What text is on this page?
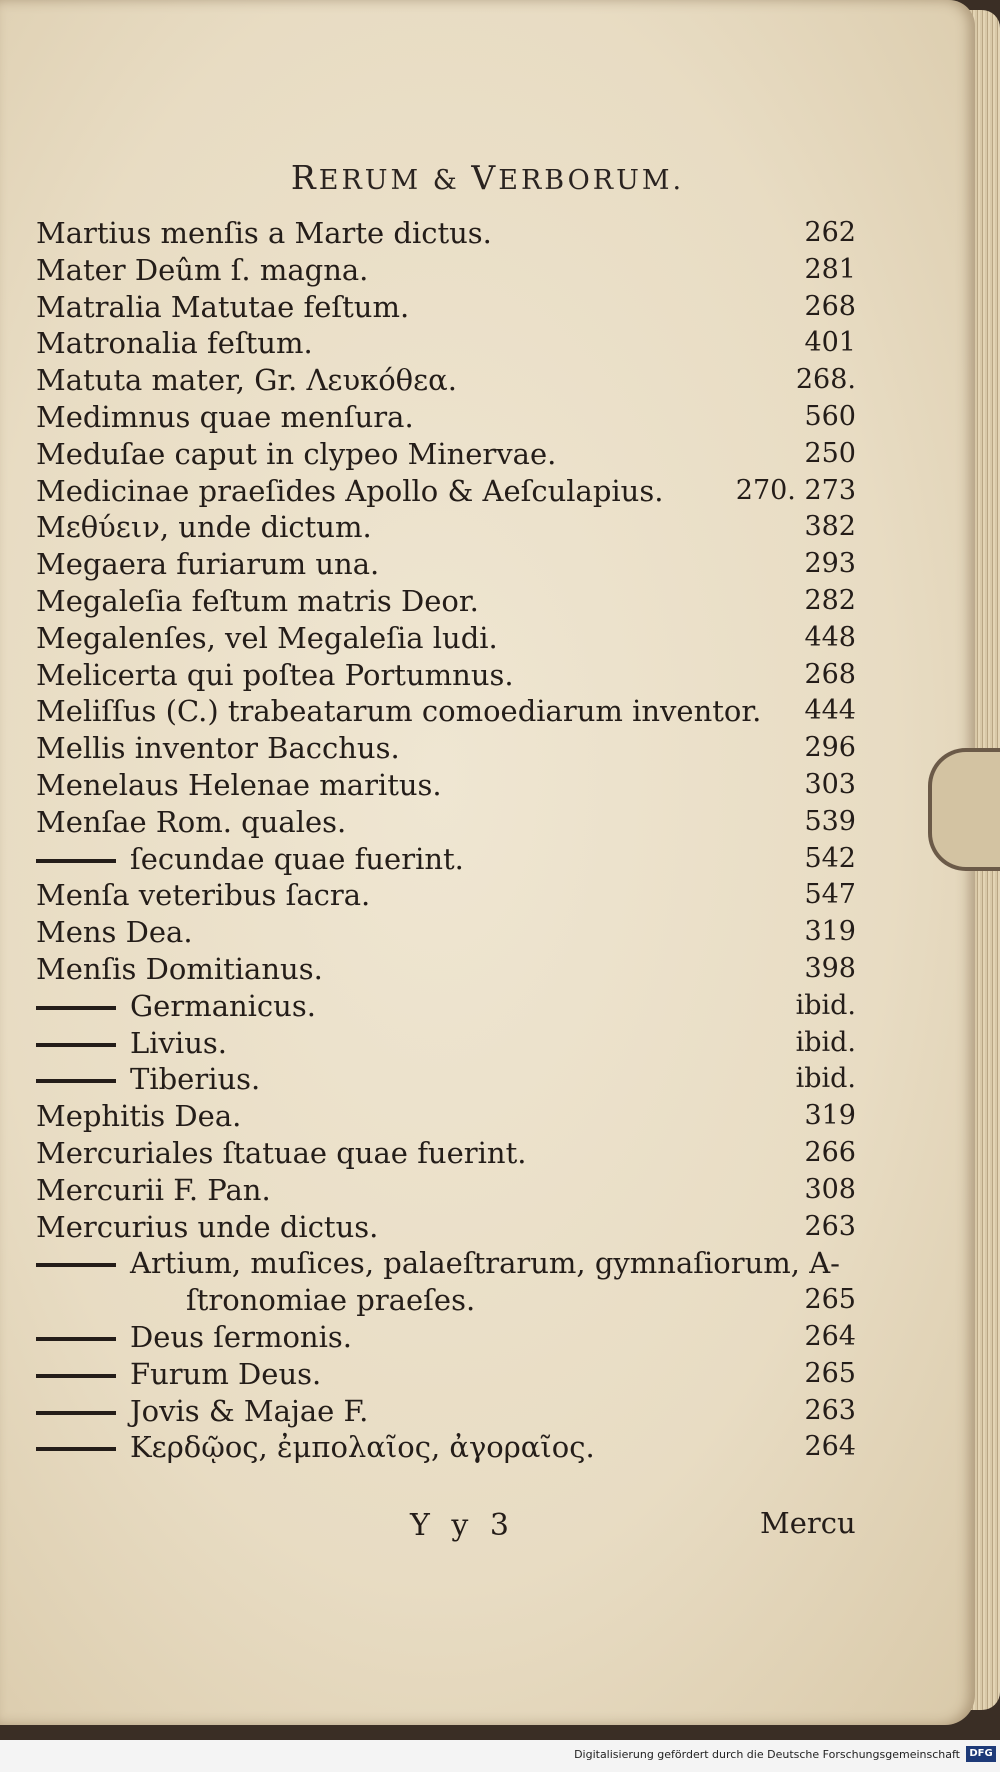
RERUM & VERBORUM.
Martius menſis a Marte dictus.	262
Mater Deûm ſ. magna.	281
Matralia Matutae feſtum.	268
Matronalia feſtum.	401
Matuta mater, Gr. Λευκόθεα.	268.
Medimnus quae menſura.	560
Meduſae caput in clypeo Minervae.	250
Medicinae praeſides Apollo & Aeſculapius.	270. 273
Μεθύειν, unde dictum.	382
Megaera furiarum una.	293
Megaleſia feſtum matris Deor.	282
Megalenſes, vel Megaleſia ludi.	448
Melicerta qui poſtea Portumnus.	268
Meliſſus (C.) trabeatarum comoediarum inventor. 444
Mellis inventor Bacchus.	296
Menelaus Helenae maritus.	303
Menſae Rom. quales.	539
ſecundae quae fuerint.	542
Menſa veteribus ſacra.	547
Mens Dea.	319
Menſis Domitianus.	398
Germanicus.	ibid.
Livius.	ibid.
Tiberius.	ibid.
Mephitis Dea.	319
Mercuriales ſtatuae quae fuerint.	266
Mercurii F. Pan.	308
Mercurius unde dictus.	263
Artium, muſices, palaeſtrarum, gymnaſiorum, A-
ſtronomiae praeſes.	265
Deus ſermonis.	264
Furum Deus.	265
Jovis & Majae F.	263
Κερδῷος, ἐμπολαῖος, ἀγοραῖος.	264
Y y 3	Mercu
Digitalisierung gefördert durch die Deutsche Forschungsgemeinschaft DFG
